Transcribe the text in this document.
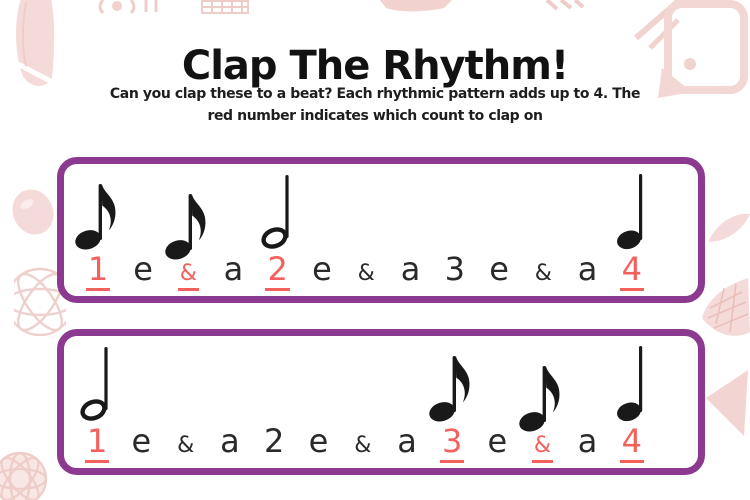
Clap The Rhythm!
Can you clap these to a beat? Each rhythmic pattern adds up to 4. The
red number indicates which count to clap on
1 e & a 2 e & a 3 e & a 4
1 e & a 2 e & a 3 e & a 4
